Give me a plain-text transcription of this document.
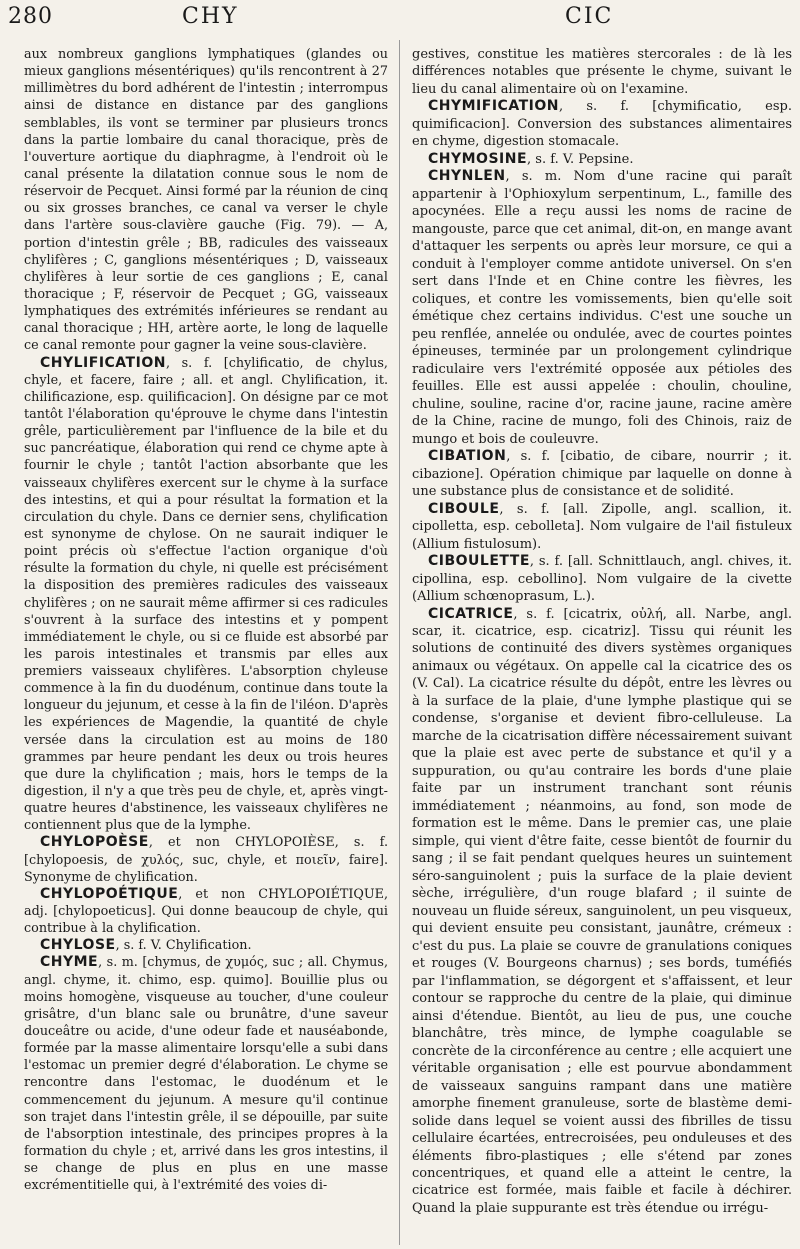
280	CHY	CIC

aux nombreux ganglions lymphatiques (glandes ou mieux ganglions mésentériques) qu'ils rencontrent à 27 millimètres du bord adhérent de l'intestin ; interrompus ainsi de distance en distance par des ganglions semblables, ils vont se terminer par plusieurs troncs dans la partie lombaire du canal thoracique, près de l'ouverture aortique du diaphragme, à l'endroit où le canal présente la dilatation connue sous le nom de réservoir de Pecquet. Ainsi formé par la réunion de cinq ou six grosses branches, ce canal va verser le chyle dans l'artère sous-clavière gauche (Fig. 79). — A, portion d'intestin grêle ; BB, radicules des vaisseaux chylifères ; C, ganglions mésentériques ; D, vaisseaux chylifères à leur sortie de ces ganglions ; E, canal thoracique ; F, réservoir de Pecquet ; GG, vaisseaux lymphatiques des extrémités inférieures se rendant au canal thoracique ; HH, artère aorte, le long de laquelle ce canal remonte pour gagner la veine sous-clavière.

CHYLIFICATION, s. f. [chylificatio, de chylus, chyle, et facere, faire ; all. et angl. Chylification, it. chilificazione, esp. quilificacion]. On désigne par ce mot tantôt l'élaboration qu'éprouve le chyme dans l'intestin grêle, particulièrement par l'influence de la bile et du suc pancréatique, élaboration qui rend ce chyme apte à fournir le chyle ; tantôt l'action absorbante que les vaisseaux chylifères exercent sur le chyme à la surface des intestins, et qui a pour résultat la formation et la circulation du chyle. Dans ce dernier sens, chylification est synonyme de chylose. On ne saurait indiquer le point précis où s'effectue l'action organique d'où résulte la formation du chyle, ni quelle est précisément la disposition des premières radicules des vaisseaux chylifères ; on ne saurait même affirmer si ces radicules s'ouvrent à la surface des intestins et y pompent immédiatement le chyle, ou si ce fluide est absorbé par les parois intestinales et transmis par elles aux premiers vaisseaux chylifères. L'absorption chyleuse commence à la fin du duodénum, continue dans toute la longueur du jejunum, et cesse à la fin de l'iléon. D'après les expériences de Magendie, la quantité de chyle versée dans la circulation est au moins de 180 grammes par heure pendant les deux ou trois heures que dure la chylification ; mais, hors le temps de la digestion, il n'y a que très peu de chyle, et, après vingt-quatre heures d'abstinence, les vaisseaux chylifères ne contiennent plus que de la lymphe.

CHYLOPOÈSE, et non CHYLOPOIÈSE, s. f. [chylopoesis, de χυλός, suc, chyle, et ποιεῖν, faire]. Synonyme de chylification.

CHYLOPOÉTIQUE, et non CHYLOPOIÉTIQUE, adj. [chylopoeticus]. Qui donne beaucoup de chyle, qui contribue à la chylification.

CHYLOSE, s. f. V. Chylification.

CHYME, s. m. [chymus, de χυμός, suc ; all. Chymus, angl. chyme, it. chimo, esp. quimo]. Bouillie plus ou moins homogène, visqueuse au toucher, d'une couleur grisâtre, d'un blanc sale ou brunâtre, d'une saveur douceâtre ou acide, d'une odeur fade et nauséabonde, formée par la masse alimentaire lorsqu'elle a subi dans l'estomac un premier degré d'élaboration. Le chyme se rencontre dans l'estomac, le duodénum et le commencement du jejunum. A mesure qu'il continue son trajet dans l'intestin grêle, il se dépouille, par suite de l'absorption intestinale, des principes propres à la formation du chyle ; et, arrivé dans les gros intestins, il se change de plus en plus en une masse excrémentitielle qui, à l'extrémité des voies di-

gestives, constitue les matières stercorales : de là les différences notables que présente le chyme, suivant le lieu du canal alimentaire où on l'examine.

CHYMIFICATION, s. f. [chymificatio, esp. quimificacion]. Conversion des substances alimentaires en chyme, digestion stomacale.

CHYMOSINE, s. f. V. Pepsine.

CHYNLEN, s. m. Nom d'une racine qui paraît appartenir à l'Ophioxylum serpentinum, L., famille des apocynées. Elle a reçu aussi les noms de racine de mangouste, parce que cet animal, dit-on, en mange avant d'attaquer les serpents ou après leur morsure, ce qui a conduit à l'employer comme antidote universel. On s'en sert dans l'Inde et en Chine contre les fièvres, les coliques, et contre les vomissements, bien qu'elle soit émétique chez certains individus. C'est une souche un peu renflée, annelée ou ondulée, avec de courtes pointes épineuses, terminée par un prolongement cylindrique radiculaire vers l'extrémité opposée aux pétioles des feuilles. Elle est aussi appelée : choulin, chouline, chuline, souline, racine d'or, racine jaune, racine amère de la Chine, racine de mungo, foli des Chinois, raiz de mungo et bois de couleuvre.

CIBATION, s. f. [cibatio, de cibare, nourrir ; it. cibazione]. Opération chimique par laquelle on donne à une substance plus de consistance et de solidité.

CIBOULE, s. f. [all. Zipolle, angl. scallion, it. cipolletta, esp. cebolleta]. Nom vulgaire de l'ail fistuleux (Allium fistulosum).

CIBOULETTE, s. f. [all. Schnittlauch, angl. chives, it. cipollina, esp. cebollino]. Nom vulgaire de la civette (Allium schœnoprasum, L.).

CICATRICE, s. f. [cicatrix, οὐλή, all. Narbe, angl. scar, it. cicatrice, esp. cicatriz]. Tissu qui réunit les solutions de continuité des divers systèmes organiques animaux ou végétaux. On appelle cal la cicatrice des os (V. Cal). La cicatrice résulte du dépôt, entre les lèvres ou à la surface de la plaie, d'une lymphe plastique qui se condense, s'organise et devient fibro-celluleuse. La marche de la cicatrisation diffère nécessairement suivant que la plaie est avec perte de substance et qu'il y a suppuration, ou qu'au contraire les bords d'une plaie faite par un instrument tranchant sont réunis immédiatement ; néanmoins, au fond, son mode de formation est le même. Dans le premier cas, une plaie simple, qui vient d'être faite, cesse bientôt de fournir du sang ; il se fait pendant quelques heures un suintement séro-sanguinolent ; puis la surface de la plaie devient sèche, irrégulière, d'un rouge blafard ; il suinte de nouveau un fluide séreux, sanguinolent, un peu visqueux, qui devient ensuite peu consistant, jaunâtre, crémeux : c'est du pus. La plaie se couvre de granulations coniques et rouges (V. Bourgeons charnus) ; ses bords, tuméfiés par l'inflammation, se dégorgent et s'affaissent, et leur contour se rapproche du centre de la plaie, qui diminue ainsi d'étendue. Bientôt, au lieu de pus, une couche blanchâtre, très mince, de lymphe coagulable se concrète de la circonférence au centre ; elle acquiert une véritable organisation ; elle est pourvue abondamment de vaisseaux sanguins rampant dans une matière amorphe finement granuleuse, sorte de blastème demi-solide dans lequel se voient aussi des fibrilles de tissu cellulaire écartées, entrecroisées, peu onduleuses et des éléments fibro-plastiques ; elle s'étend par zones concentriques, et quand elle a atteint le centre, la cicatrice est formée, mais faible et facile à déchirer. Quand la plaie suppurante est très étendue ou irrégu-
